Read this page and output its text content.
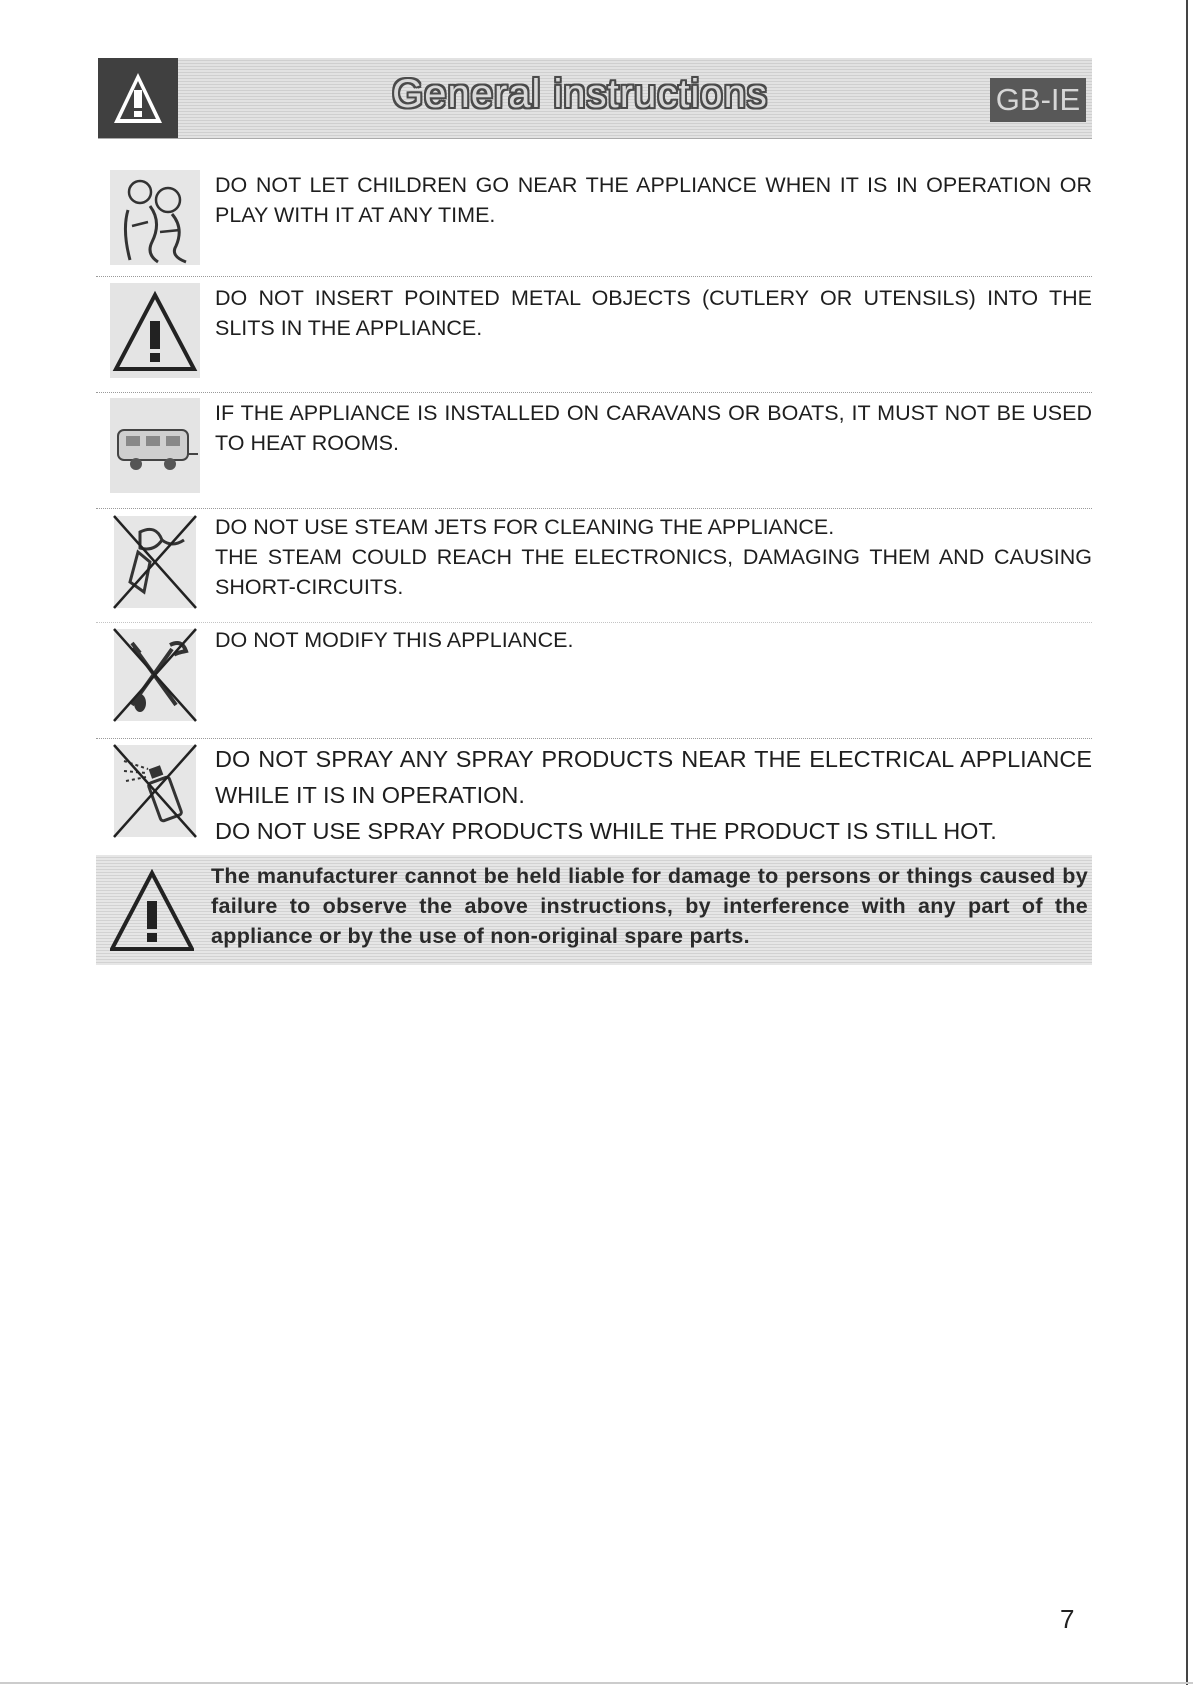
General instructions	GB-IE
DO NOT LET CHILDREN GO NEAR THE APPLIANCE WHEN IT IS IN OPERATION OR PLAY WITH IT AT ANY TIME.
DO NOT INSERT POINTED METAL OBJECTS (CUTLERY OR UTENSILS) INTO THE SLITS IN THE APPLIANCE.
IF THE APPLIANCE IS INSTALLED ON CARAVANS OR BOATS, IT MUST NOT BE USED TO HEAT ROOMS.
DO NOT USE STEAM JETS FOR CLEANING THE APPLIANCE.
THE STEAM COULD REACH THE ELECTRONICS, DAMAGING THEM AND CAUSING SHORT-CIRCUITS.
DO NOT MODIFY THIS APPLIANCE.
DO NOT SPRAY ANY SPRAY PRODUCTS NEAR THE ELECTRICAL APPLIANCE WHILE IT IS IN OPERATION.
DO NOT USE SPRAY PRODUCTS WHILE THE PRODUCT IS STILL HOT.
The manufacturer cannot be held liable for damage to persons or things caused by failure to observe the above instructions, by interference with any part of the appliance or by the use of non-original spare parts.
7
